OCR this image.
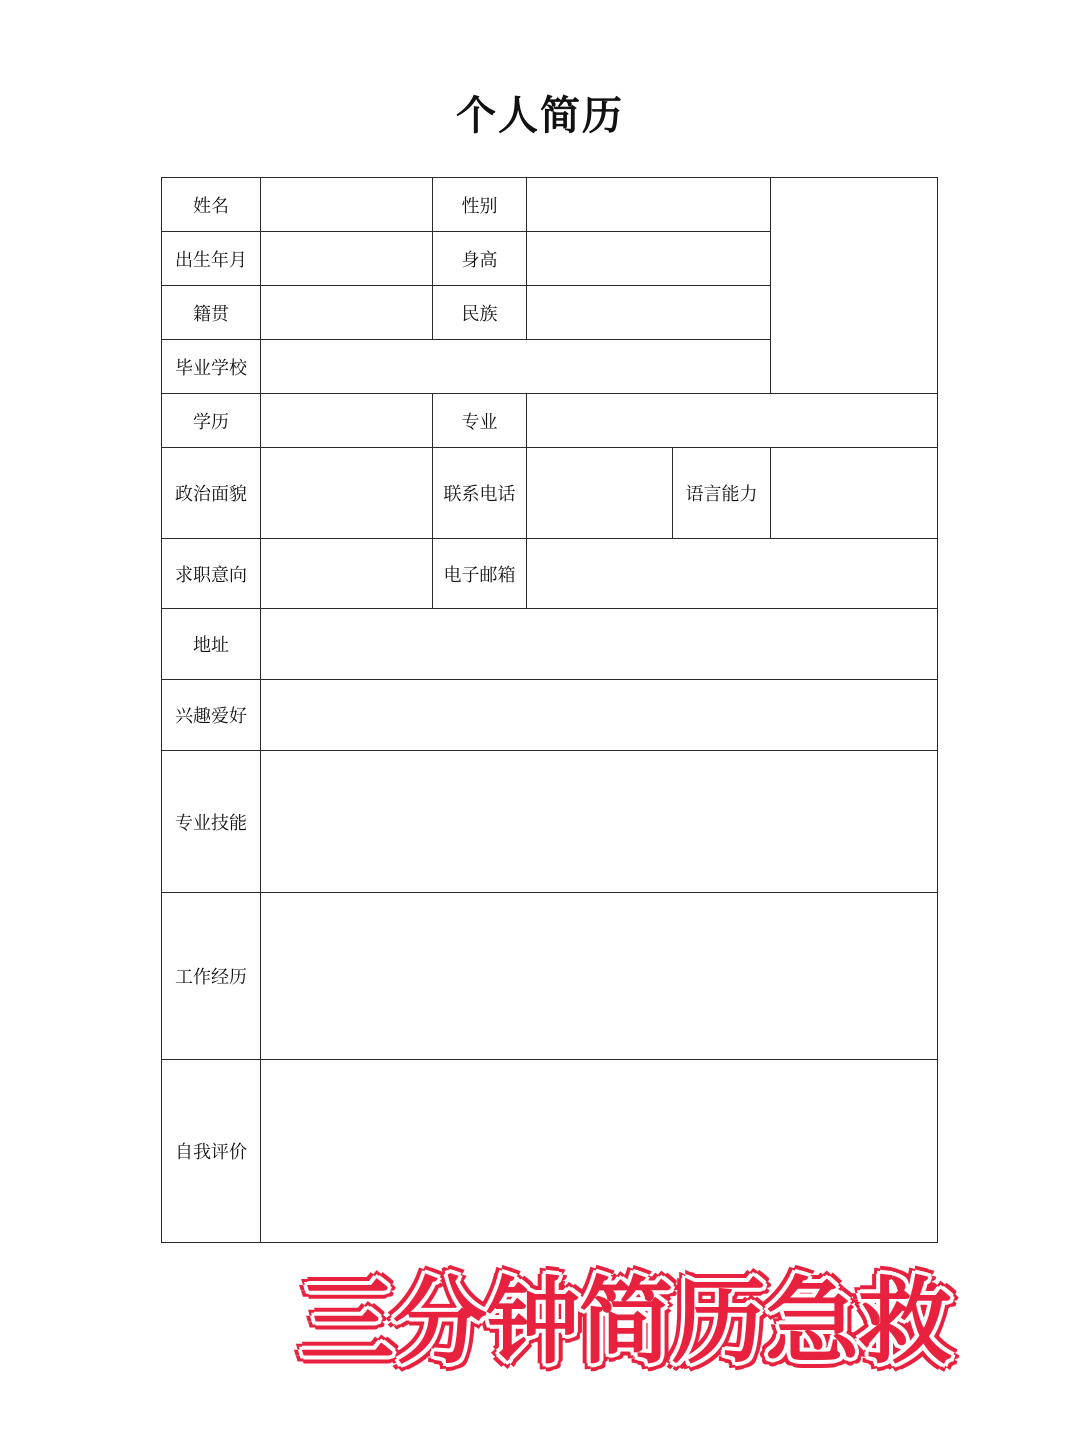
个人简历
姓名		性别			
出生年月		身高			
籍贯		民族			
毕业学校					
学历		专业			
政治面貌		联系电话		语言能力	
求职意向		电子邮箱			
地址					
兴趣爱好					
专业技能					
工作经历					
自我评价					
三分钟简历急救
